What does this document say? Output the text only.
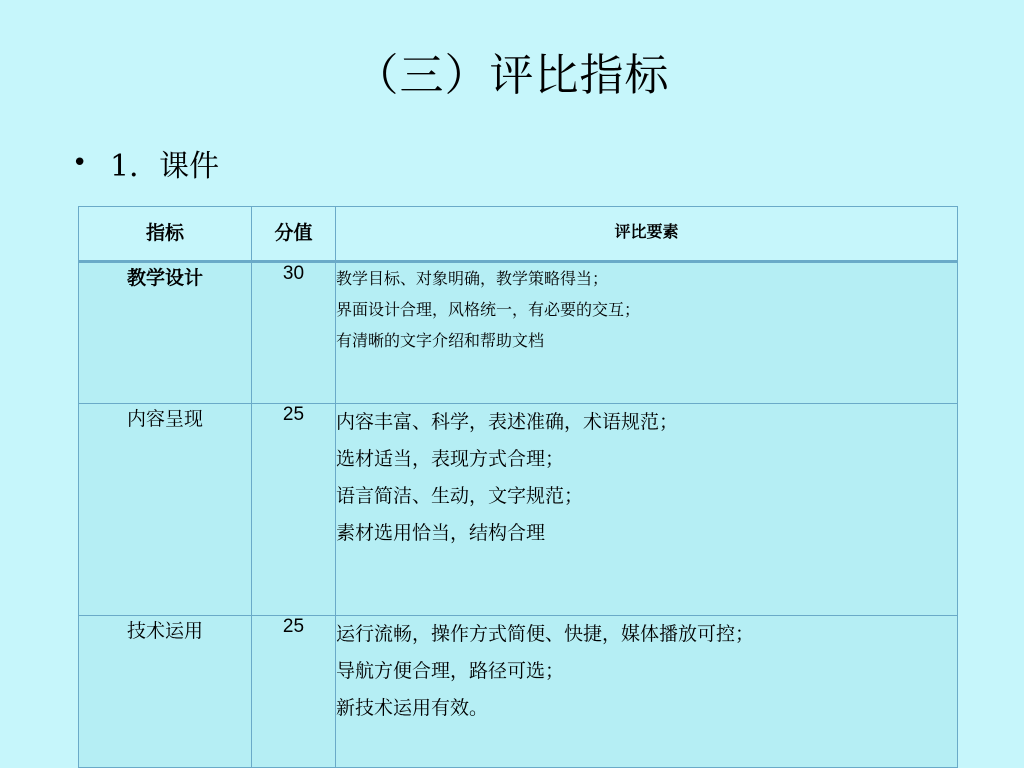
（三）评比指标
• 1．课件
指标	分值	评比要素
教学设计	30	教学目标、对象明确，教学策略得当；
界面设计合理，风格统一，有必要的交互；
有清晰的文字介绍和帮助文档

内容呈现	25	内容丰富、科学，表述准确，术语规范；
选材适当，表现方式合理；
语言简洁、生动，文字规范；
素材选用恰当，结构合理

技术运用	25	运行流畅，操作方式简便、快捷，媒体播放可控；
导航方便合理，路径可选；
新技术运用有效。
